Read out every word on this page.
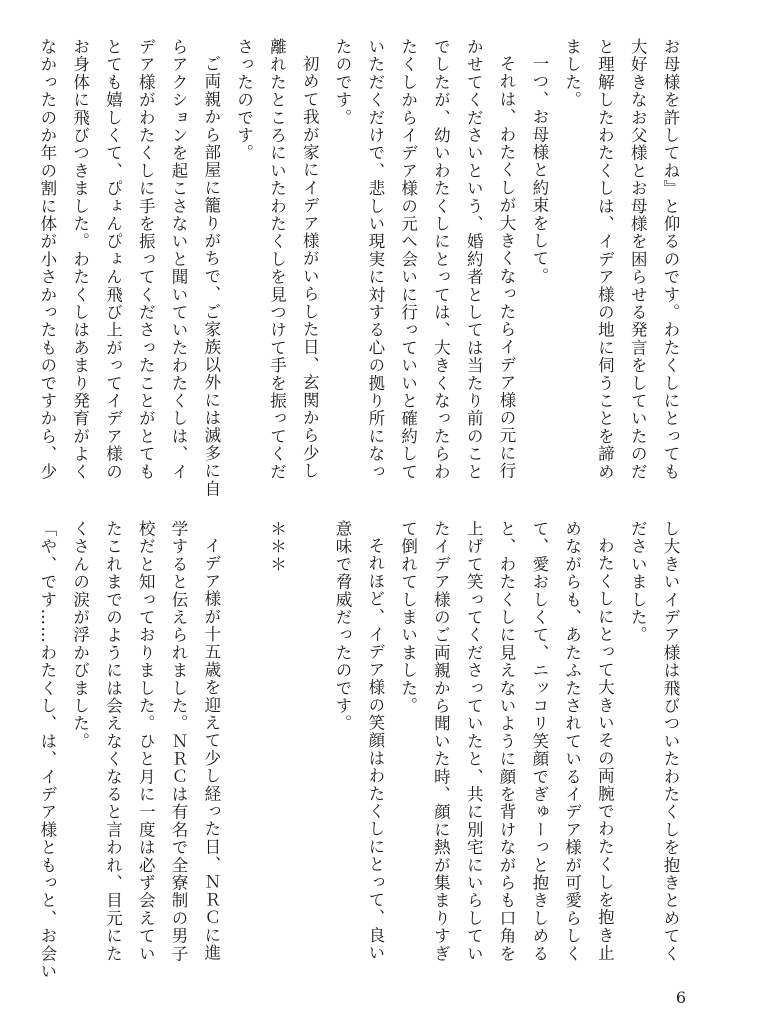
お母様を許してね』と仰るのです。わたくしにとっても
大好きなお父様とお母様を困らせる発言をしていたのだ
と理解したわたくしは、イデア様の地に伺うことを諦め
ました。
一つ、お母様と約束をして。
それは、わたくしが大きくなったらイデア様の元に行
かせてくださいという、婚約者としては当たり前のこと
でしたが、幼いわたくしにとっては、大きくなったらわ
たくしからイデア様の元へ会いに行っていいと確約して
いただくだけで、悲しい現実に対する心の拠り所になっ
たのです。
初めて我が家にイデア様がいらした日、玄関から少し
離れたところにいたわたくしを見つけて手を振ってくだ
さったのです。
ご両親から部屋に籠りがちで、ご家族以外には滅多に自
らアクションを起こさないと聞いていたわたくしは、イ
デア様がわたくしに手を振ってくださったことがとても
とても嬉しくて、ぴょんぴょん飛び上がってイデア様の
お身体に飛びつきました。わたくしはあまり発育がよく
なかったのか年の割に体が小さかったものですから、少
し大きいイデア様は飛びついたわたくしを抱きとめてく
ださいました。
わたくしにとって大きいその両腕でわたくしを抱き止
めながらも、あたふたされているイデア様が可愛らしく
て、愛おしくて、ニッコリ笑顔でぎゅーっと抱きしめる
と、わたくしに見えないように顔を背けながらも口角を
上げて笑ってくださっていたと、共に別宅にいらしてい
たイデア様のご両親から聞いた時、顔に熱が集まりすぎ
て倒れてしまいました。
それほど、イデア様の笑顔はわたくしにとって、良い
意味で脅威だったのです。

＊＊＊

イデア様が十五歳を迎えて少し経った日、ＮＲＣに進
学すると伝えられました。ＮＲＣは有名で全寮制の男子
校だと知っておりました。ひと月に一度は必ず会えてい
たこれまでのようには会えなくなると言われ、目元にた
くさんの涙が浮かびました。
「や、です……わたくし、は、イデア様ともっと、お会い
6
